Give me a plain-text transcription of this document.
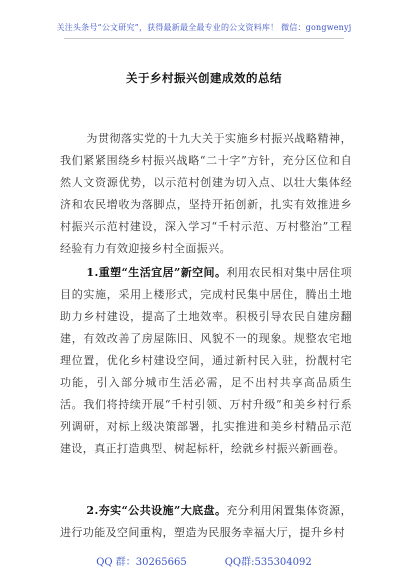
关注头条号“公文研究”，获得最新最全最专业的公文资料库！ 微信：gongwenyj
关于乡村振兴创建成效的总结

为贯彻落实党的十九大关于实施乡村振兴战略精神，我们紧紧围绕乡村振兴战略“二十字”方针，充分区位和自然人文资源优势，以示范村创建为切入点、以壮大集体经济和农民增收为落脚点，坚持开拓创新，扎实有效推进乡村振兴示范村建设，深入学习“千村示范、万村整治”工程经验有力有效迎接乡村全面振兴。

1.重塑“生活宜居”新空间。利用农民相对集中居住项目的实施，采用上楼形式，完成村民集中居住，腾出土地助力乡村建设，提高了土地效率。积极引导农民自建房翻建，有效改善了房屋陈旧、风貌不一的现象。规整农宅地理位置，优化乡村建设空间，通过新村民入驻，扮靓村宅功能，引入部分城市生活必需，足不出村共享高品质生活。我们将持续开展“千村引领、万村升级”和美乡村行系列调研，对标上级决策部署，扎实推进和美乡村精品示范建设，真正打造典型、树起标杆，绘就乡村振兴新画卷。

2.夯实“公共设施”大底盘。充分利用闲置集体资源，进行功能及空间重构，塑造为民服务幸福大厅，提升乡村

QQ 群：30265665	QQ群:535304092
